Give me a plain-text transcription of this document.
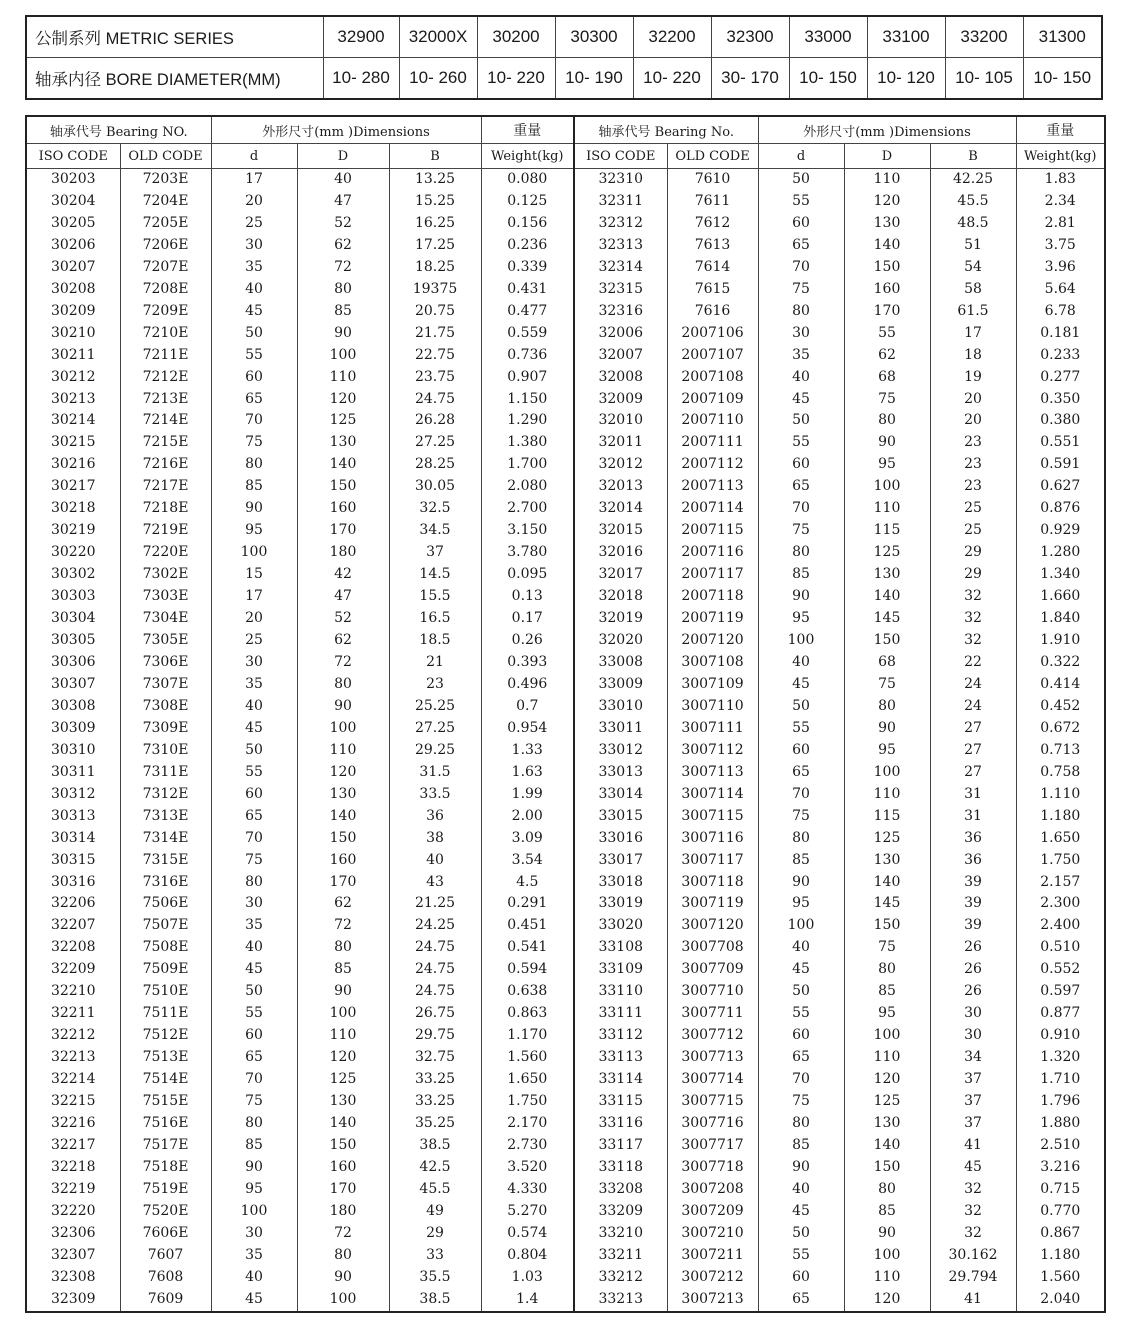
公制系列 METRIC SERIES	32900	32000X	30200	30300	32200	32300	33000	33100	33200	31300
轴承内径 BORE DIAMETER(MM)	10- 280	10- 260	10- 220	10- 190	10- 220	30- 170	10- 150	10- 120	10- 105	10- 150
轴承代号 Bearing NO.		外形尺寸(mm )Dimensions			重量	轴承代号 Bearing No.		外形尺寸(mm )Dimensions			重量
ISO CODE	OLD CODE	d	D	B	Weight(kg)	ISO CODE	OLD CODE	d	D	B	Weight(kg)
30203	7203E	17	40	13.25	0.080	32310	7610	50	110	42.25	1.83
30204	7204E	20	47	15.25	0.125	32311	7611	55	120	45.5	2.34
30205	7205E	25	52	16.25	0.156	32312	7612	60	130	48.5	2.81
30206	7206E	30	62	17.25	0.236	32313	7613	65	140	51	3.75
30207	7207E	35	72	18.25	0.339	32314	7614	70	150	54	3.96
30208	7208E	40	80	19375	0.431	32315	7615	75	160	58	5.64
30209	7209E	45	85	20.75	0.477	32316	7616	80	170	61.5	6.78
30210	7210E	50	90	21.75	0.559	32006	2007106	30	55	17	0.181
30211	7211E	55	100	22.75	0.736	32007	2007107	35	62	18	0.233
30212	7212E	60	110	23.75	0.907	32008	2007108	40	68	19	0.277
30213	7213E	65	120	24.75	1.150	32009	2007109	45	75	20	0.350
30214	7214E	70	125	26.28	1.290	32010	2007110	50	80	20	0.380
30215	7215E	75	130	27.25	1.380	32011	2007111	55	90	23	0.551
30216	7216E	80	140	28.25	1.700	32012	2007112	60	95	23	0.591
30217	7217E	85	150	30.05	2.080	32013	2007113	65	100	23	0.627
30218	7218E	90	160	32.5	2.700	32014	2007114	70	110	25	0.876
30219	7219E	95	170	34.5	3.150	32015	2007115	75	115	25	0.929
30220	7220E	100	180	37	3.780	32016	2007116	80	125	29	1.280
30302	7302E	15	42	14.5	0.095	32017	2007117	85	130	29	1.340
30303	7303E	17	47	15.5	0.13	32018	2007118	90	140	32	1.660
30304	7304E	20	52	16.5	0.17	32019	2007119	95	145	32	1.840
30305	7305E	25	62	18.5	0.26	32020	2007120	100	150	32	1.910
30306	7306E	30	72	21	0.393	33008	3007108	40	68	22	0.322
30307	7307E	35	80	23	0.496	33009	3007109	45	75	24	0.414
30308	7308E	40	90	25.25	0.7	33010	3007110	50	80	24	0.452
30309	7309E	45	100	27.25	0.954	33011	3007111	55	90	27	0.672
30310	7310E	50	110	29.25	1.33	33012	3007112	60	95	27	0.713
30311	7311E	55	120	31.5	1.63	33013	3007113	65	100	27	0.758
30312	7312E	60	130	33.5	1.99	33014	3007114	70	110	31	1.110
30313	7313E	65	140	36	2.00	33015	3007115	75	115	31	1.180
30314	7314E	70	150	38	3.09	33016	3007116	80	125	36	1.650
30315	7315E	75	160	40	3.54	33017	3007117	85	130	36	1.750
30316	7316E	80	170	43	4.5	33018	3007118	90	140	39	2.157
32206	7506E	30	62	21.25	0.291	33019	3007119	95	145	39	2.300
32207	7507E	35	72	24.25	0.451	33020	3007120	100	150	39	2.400
32208	7508E	40	80	24.75	0.541	33108	3007708	40	75	26	0.510
32209	7509E	45	85	24.75	0.594	33109	3007709	45	80	26	0.552
32210	7510E	50	90	24.75	0.638	33110	3007710	50	85	26	0.597
32211	7511E	55	100	26.75	0.863	33111	3007711	55	95	30	0.877
32212	7512E	60	110	29.75	1.170	33112	3007712	60	100	30	0.910
32213	7513E	65	120	32.75	1.560	33113	3007713	65	110	34	1.320
32214	7514E	70	125	33.25	1.650	33114	3007714	70	120	37	1.710
32215	7515E	75	130	33.25	1.750	33115	3007715	75	125	37	1.796
32216	7516E	80	140	35.25	2.170	33116	3007716	80	130	37	1.880
32217	7517E	85	150	38.5	2.730	33117	3007717	85	140	41	2.510
32218	7518E	90	160	42.5	3.520	33118	3007718	90	150	45	3.216
32219	7519E	95	170	45.5	4.330	33208	3007208	40	80	32	0.715
32220	7520E	100	180	49	5.270	33209	3007209	45	85	32	0.770
32306	7606E	30	72	29	0.574	33210	3007210	50	90	32	0.867
32307	7607	35	80	33	0.804	33211	3007211	55	100	30.162	1.180
32308	7608	40	90	35.5	1.03	33212	3007212	60	110	29.794	1.560
32309	7609	45	100	38.5	1.4	33213	3007213	65	120	41	2.040
